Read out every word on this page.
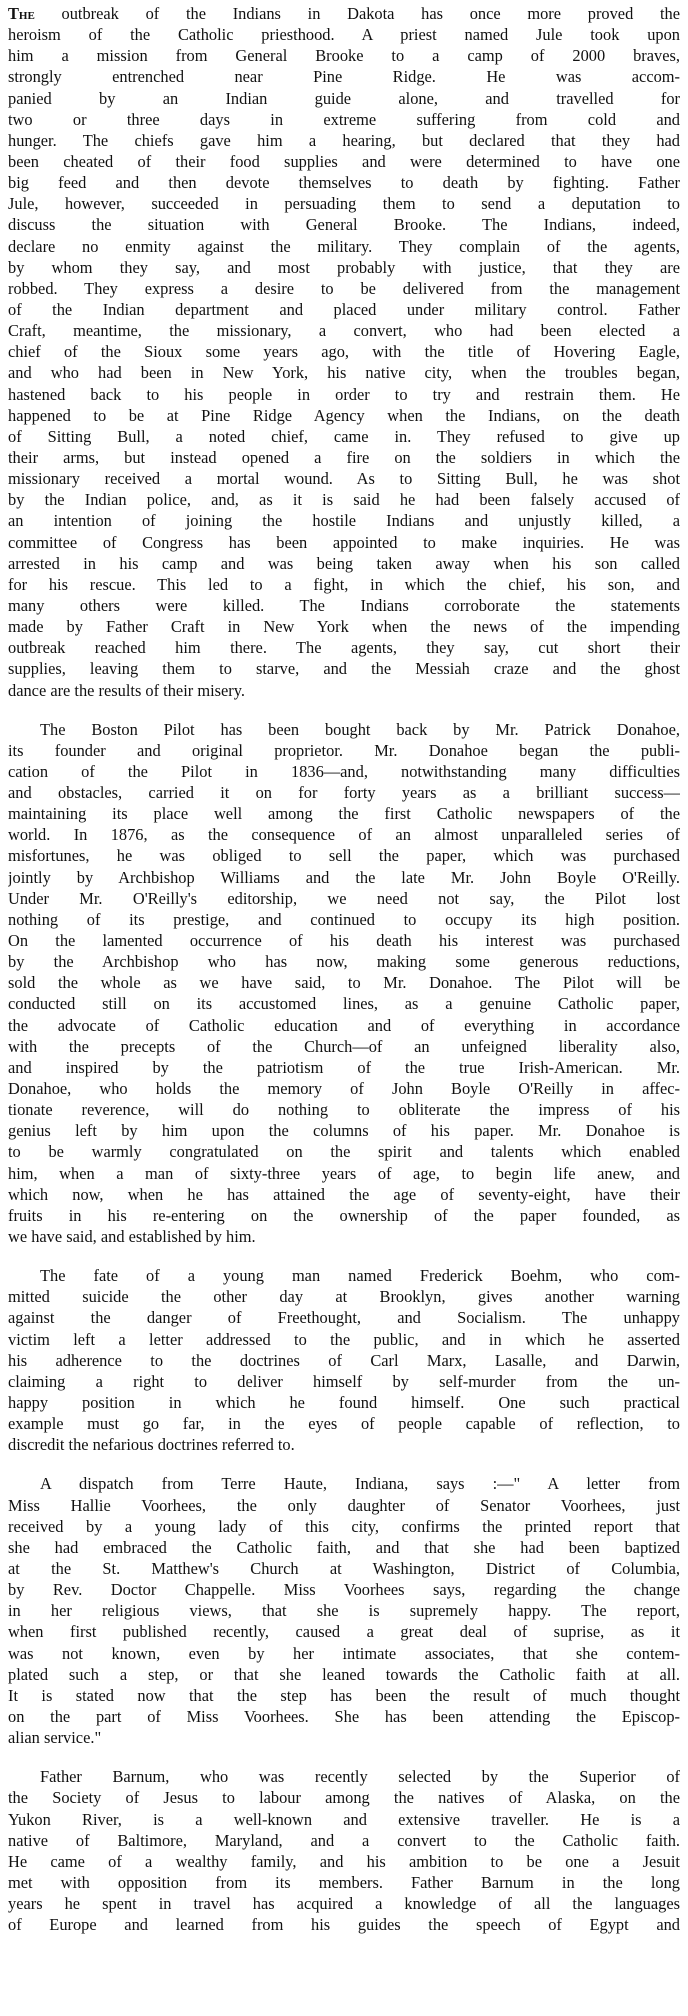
The outbreak of the Indians in Dakota has once more proved the
heroism of the Catholic priesthood. A priest named Jule took upon
him a mission from General Brooke to a camp of 2000 braves,
strongly entrenched near Pine Ridge. He was accom-
panied by an Indian guide alone, and travelled for
two or three days in extreme suffering from cold and
hunger. The chiefs gave him a hearing, but declared that they had
been cheated of their food supplies and were determined to have one
big feed and then devote themselves to death by fighting. Father
Jule, however, succeeded in persuading them to send a deputation to
discuss the situation with General Brooke. The Indians, indeed,
declare no enmity against the military. They complain of the agents,
by whom they say, and most probably with justice, that they are
robbed. They express a desire to be delivered from the management
of the Indian department and placed under military control. Father
Craft, meantime, the missionary, a convert, who had been elected a
chief of the Sioux some years ago, with the title of Hovering Eagle,
and who had been in New York, his native city, when the troubles began,
hastened back to his people in order to try and restrain them. He
happened to be at Pine Ridge Agency when the Indians, on the death
of Sitting Bull, a noted chief, came in. They refused to give up
their arms, but instead opened a fire on the soldiers in which the
missionary received a mortal wound. As to Sitting Bull, he was shot
by the Indian police, and, as it is said he had been falsely accused of
an intention of joining the hostile Indians and unjustly killed, a
committee of Congress has been appointed to make inquiries. He was
arrested in his camp and was being taken away when his son called
for his rescue. This led to a fight, in which the chief, his son, and
many others were killed. The Indians corroborate the statements
made by Father Craft in New York when the news of the impending
outbreak reached him there. The agents, they say, cut short their
supplies, leaving them to starve, and the Messiah craze and the ghost
dance are the results of their misery.
The Boston Pilot has been bought back by Mr. Patrick Donahoe,
its founder and original proprietor. Mr. Donahoe began the publi-
cation of the Pilot in 1836—and, notwithstanding many difficulties
and obstacles, carried it on for forty years as a brilliant success—
maintaining its place well among the first Catholic newspapers of the
world. In 1876, as the consequence of an almost unparalleled series of
misfortunes, he was obliged to sell the paper, which was purchased
jointly by Archbishop Williams and the late Mr. John Boyle O'Reilly.
Under Mr. O'Reilly's editorship, we need not say, the Pilot lost
nothing of its prestige, and continued to occupy its high position.
On the lamented occurrence of his death his interest was purchased
by the Archbishop who has now, making some generous reductions,
sold the whole as we have said, to Mr. Donahoe. The Pilot will be
conducted still on its accustomed lines, as a genuine Catholic paper,
the advocate of Catholic education and of everything in accordance
with the precepts of the Church—of an unfeigned liberality also,
and inspired by the patriotism of the true Irish-American. Mr.
Donahoe, who holds the memory of John Boyle O'Reilly in affec-
tionate reverence, will do nothing to obliterate the impress of his
genius left by him upon the columns of his paper. Mr. Donahoe is
to be warmly congratulated on the spirit and talents which enabled
him, when a man of sixty-three years of age, to begin life anew, and
which now, when he has attained the age of seventy-eight, have their
fruits in his re-entering on the ownership of the paper founded, as
we have said, and established by him.
The fate of a young man named Frederick Boehm, who com-
mitted suicide the other day at Brooklyn, gives another warning
against the danger of Freethought, and Socialism. The unhappy
victim left a letter addressed to the public, and in which he asserted
his adherence to the doctrines of Carl Marx, Lasalle, and Darwin,
claiming a right to deliver himself by self-murder from the un-
happy position in which he found himself. One such practical
example must go far, in the eyes of people capable of reflection, to
discredit the nefarious doctrines referred to.
A dispatch from Terre Haute, Indiana, says :—" A letter from
Miss Hallie Voorhees, the only daughter of Senator Voorhees, just
received by a young lady of this city, confirms the printed report that
she had embraced the Catholic faith, and that she had been baptized
at the St. Matthew's Church at Washington, District of Columbia,
by Rev. Doctor Chappelle. Miss Voorhees says, regarding the change
in her religious views, that she is supremely happy. The report,
when first published recently, caused a great deal of suprise, as it
was not known, even by her intimate associates, that she contem-
plated such a step, or that she leaned towards the Catholic faith at all.
It is stated now that the step has been the result of much thought
on the part of Miss Voorhees. She has been attending the Episcop-
alian service."
Father Barnum, who was recently selected by the Superior of
the Society of Jesus to labour among the natives of Alaska, on the
Yukon River, is a well-known and extensive traveller. He is a
native of Baltimore, Maryland, and a convert to the Catholic faith.
He came of a wealthy family, and his ambition to be one a Jesuit
met with opposition from its members. Father Barnum in the long
years he spent in travel has acquired a knowledge of all the languages
of Europe and learned from his guides the speech of Egypt and
